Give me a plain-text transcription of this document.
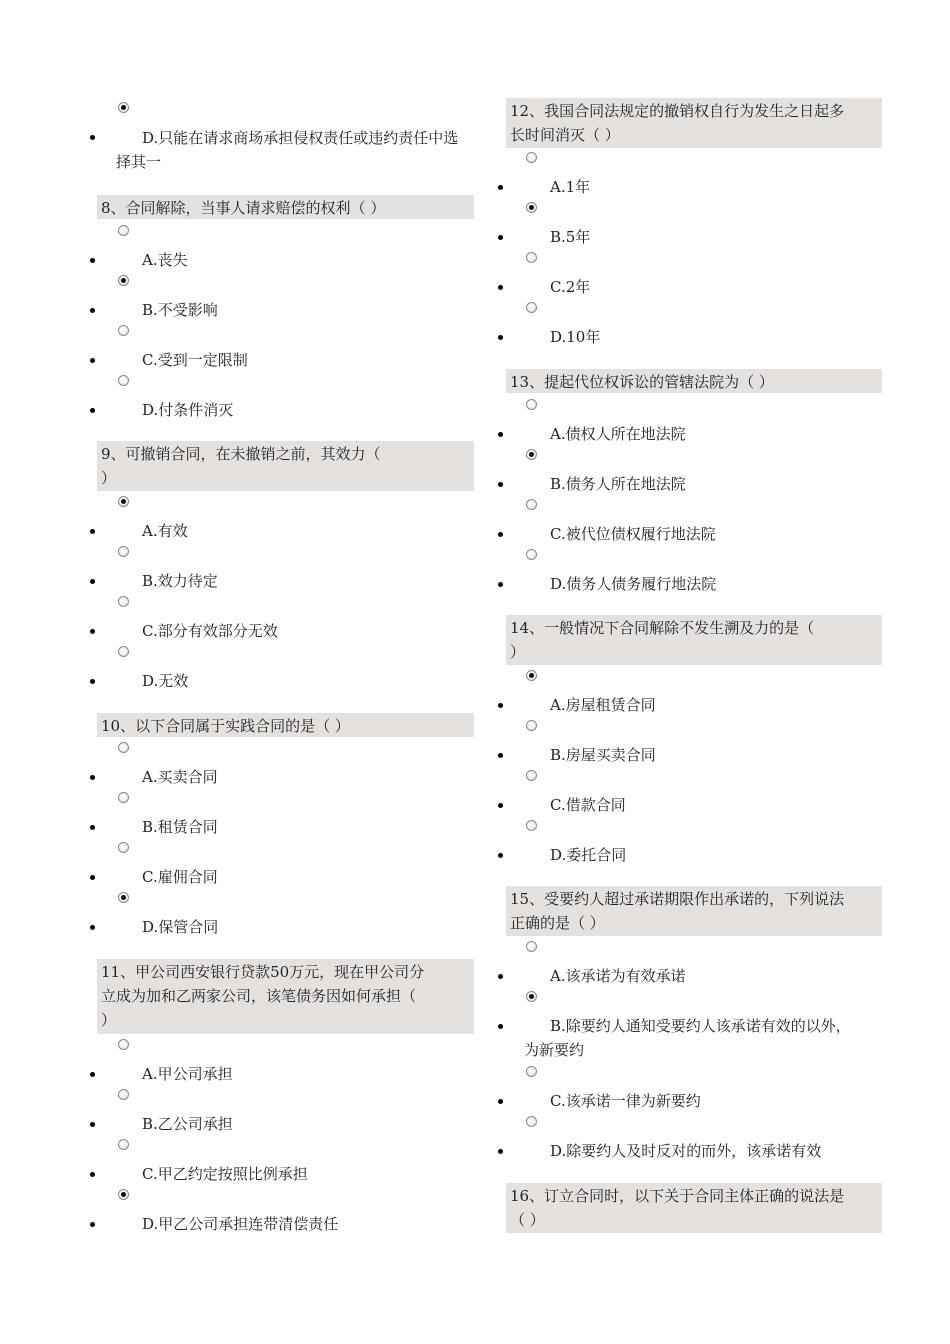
D.只能在请求商场承担侵权责任或违约责任中选择其一
8、合同解除，当事人请求赔偿的权利（ ）
A.丧失
B.不受影响
C.受到一定限制
D.付条件消灭
9、可撤销合同，在未撤销之前，其效力（
）
A.有效
B.效力待定
C.部分有效部分无效
D.无效
10、以下合同属于实践合同的是（ ）
A.买卖合同
B.租赁合同
C.雇佣合同
D.保管合同
11、甲公司西安银行贷款50万元，现在甲公司分
立成为加和乙两家公司，该笔债务因如何承担（
）
A.甲公司承担
B.乙公司承担
C.甲乙约定按照比例承担
D.甲乙公司承担连带清偿责任
12、我国合同法规定的撤销权自行为发生之日起多
长时间消灭（ ）
A.1年
B.5年
C.2年
D.10年
13、提起代位权诉讼的管辖法院为（ ）
A.债权人所在地法院
B.债务人所在地法院
C.被代位债权履行地法院
D.债务人债务履行地法院
14、一般情况下合同解除不发生溯及力的是（
）
A.房屋租赁合同
B.房屋买卖合同
C.借款合同
D.委托合同
15、受要约人超过承诺期限作出承诺的，下列说法
正确的是（ ）
A.该承诺为有效承诺
B.除要约人通知受要约人该承诺有效的以外，
为新要约
C.该承诺一律为新要约
D.除要约人及时反对的而外，该承诺有效
16、订立合同时，以下关于合同主体正确的说法是
（ ）
